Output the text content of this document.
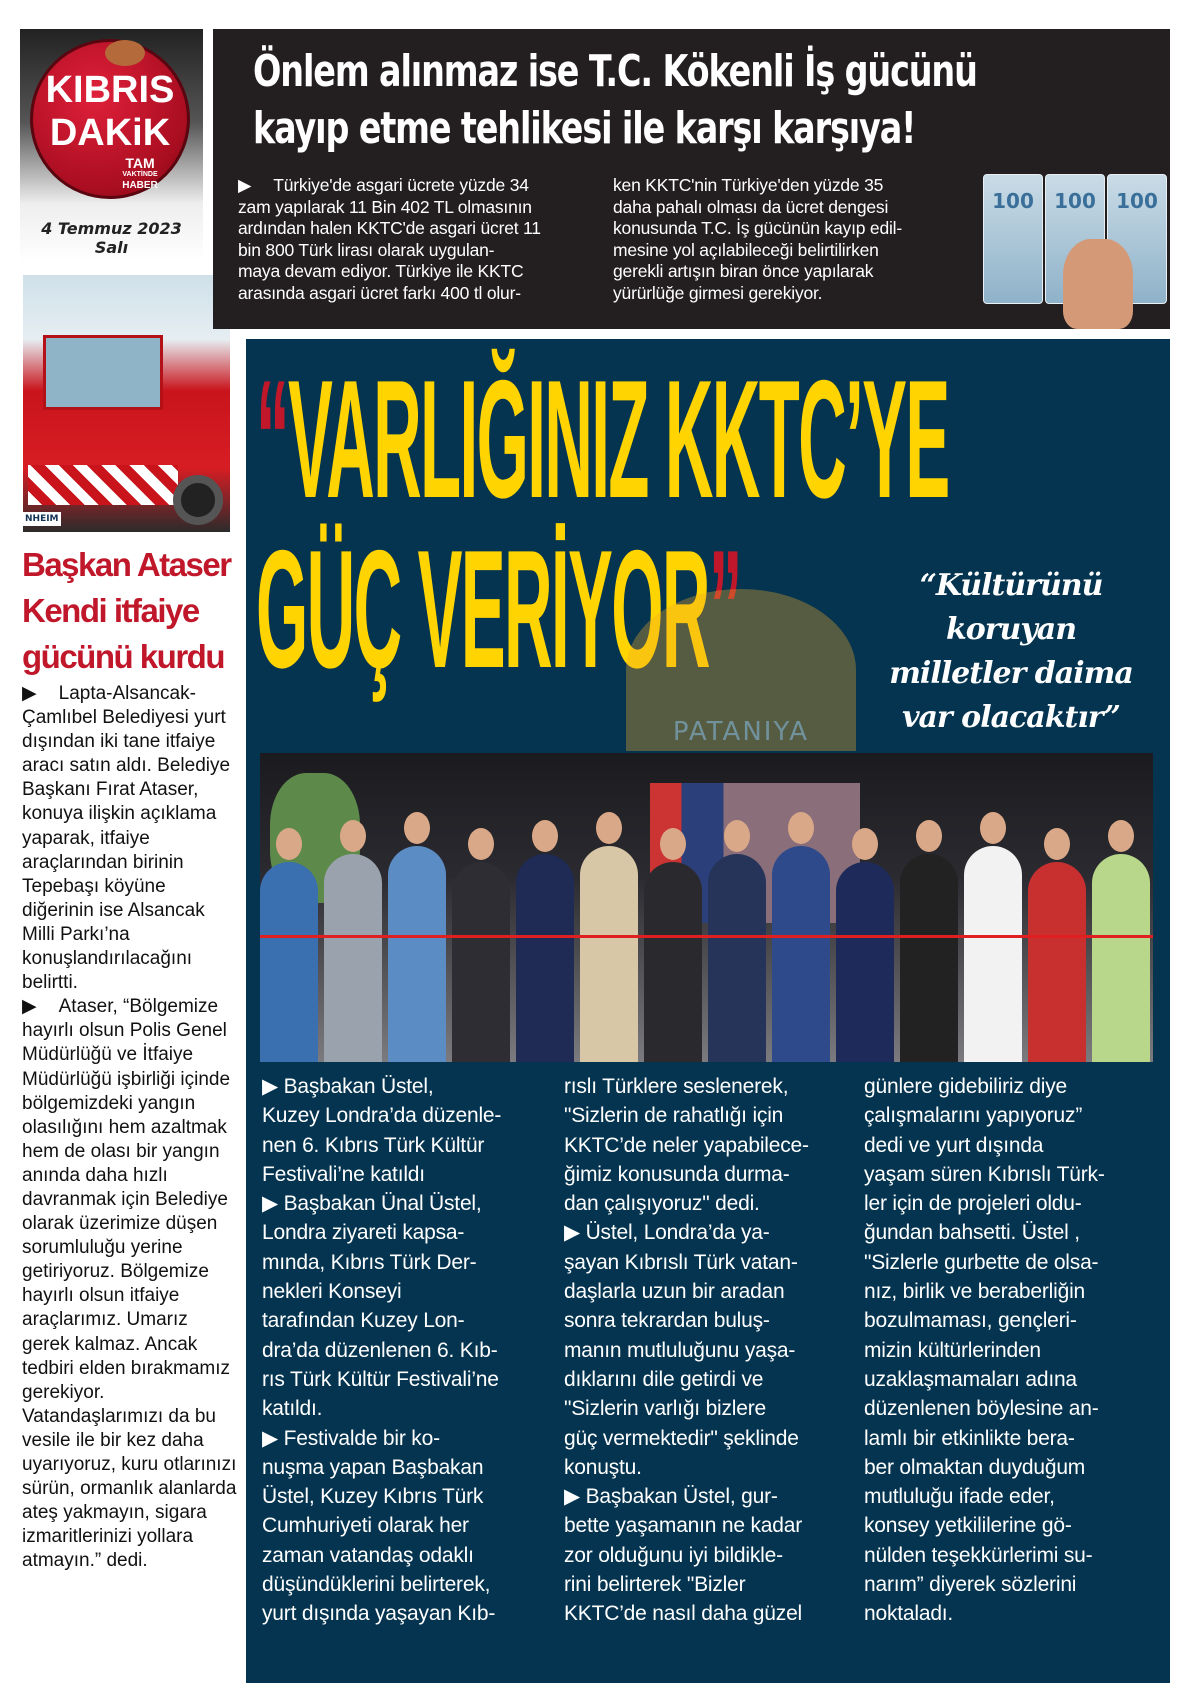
KIBRIS
DAKiK
TAM
VAKTİNDE
HABER
4 Temmuz 2023
Salı
NHEIM
Başkan Ataser
Kendi itfaiye
gücünü kurdu

▶ Lapta-Alsancak-Çamlıbel Belediyesi yurt dışından iki tane itfaiye aracı satın aldı. Belediye Başkanı Fırat Ataser, konuya ilişkin açıklama yaparak, itfaiye araçlarından birinin Tepebaşı köyüne diğerinin ise Alsancak Milli Parkı’na konuşlandırılacağını belirtti.

▶ Ataser, “Bölgemize hayırlı olsun Polis Genel Müdürlüğü ve İtfaiye Müdürlüğü işbirliği içinde bölgemizdeki yangın olasılığını hem azaltmak hem de olası bir yangın anında daha hızlı davranmak için Belediye olarak üzerimize düşen sorumluluğu yerine getiriyoruz. Bölgemize hayırlı olsun itfaiye araçlarımız. Umarız gerek kalmaz. Ancak tedbiri elden bırakmamız gerekiyor. Vatandaşlarımızı da bu vesile ile bir kez daha uyarıyoruz, kuru otlarınızı sürün, ormanlık alanlarda ateş yakmayın, sigara izmaritlerinizi yollara atmayın.” dedi.

Önlem alınmaz ise T.C. Kökenli İş gücünü
kayıp etme tehlikesi ile karşı karşıya!
▶ Türkiye'de asgari ücrete yüzde 34
zam yapılarak 11 Bin 402 TL olmasının
ardından halen KKTC'de asgari ücret 11
bin 800 Türk lirası olarak uygulan-
maya devam ediyor. Türkiye ile KKTC
arasında asgari ücret farkı 400 tl olur-
ken KKTC'nin Türkiye'den yüzde 35
daha pahalı olması da ücret dengesi
konusunda T.C. İş gücünün kayıp edil-
mesine yol açılabileceği belirtilirken
gerekli artışın biran önce yapılarak
yürürlüğe girmesi gerekiyor.
100	100	100
“VARLIĞINIZ KKTC’YE
GÜÇ VERİYOR”
PATANIYA
“Kültürünü
koruyan
milletler daima
var olacaktır”
▶ Başbakan Üstel,
Kuzey Londra’da düzenle-
nen 6. Kıbrıs Türk Kültür
Festivali’ne katıldı
▶ Başbakan Ünal Üstel,
Londra ziyareti kapsa-
mında, Kıbrıs Türk Der-
nekleri Konseyi
tarafından Kuzey Lon-
dra’da düzenlenen 6. Kıb-
rıs Türk Kültür Festivali’ne
katıldı.
▶ Festivalde bir ko-
nuşma yapan Başbakan
Üstel, Kuzey Kıbrıs Türk
Cumhuriyeti olarak her
zaman vatandaş odaklı
düşündüklerini belirterek,
yurt dışında yaşayan Kıb-
rıslı Türklere seslenerek,
"Sizlerin de rahatlığı için
KKTC’de neler yapabilece-
ğimiz konusunda durma-
dan çalışıyoruz" dedi.
▶ Üstel, Londra’da ya-
şayan Kıbrıslı Türk vatan-
daşlarla uzun bir aradan
sonra tekrardan buluş-
manın mutluluğunu yaşa-
dıklarını dile getirdi ve
"Sizlerin varlığı bizlere
güç vermektedir" şeklinde
konuştu.
▶ Başbakan Üstel, gur-
bette yaşamanın ne kadar
zor olduğunu iyi bildikle-
rini belirterek "Bizler
KKTC’de nasıl daha güzel
günlere gidebiliriz diye
çalışmalarını yapıyoruz”
dedi ve yurt dışında
yaşam süren Kıbrıslı Türk-
ler için de projeleri oldu-
ğundan bahsetti. Üstel ,
"Sizlerle gurbette de olsa-
nız, birlik ve beraberliğin
bozulmaması, gençleri-
mizin kültürlerinden
uzaklaşmamaları adına
düzenlenen böylesine an-
lamlı bir etkinlikte bera-
ber olmaktan duyduğum
mutluluğu ifade eder,
konsey yetkililerine gö-
nülden teşekkürlerimi su-
narım” diyerek sözlerini
noktaladı.
